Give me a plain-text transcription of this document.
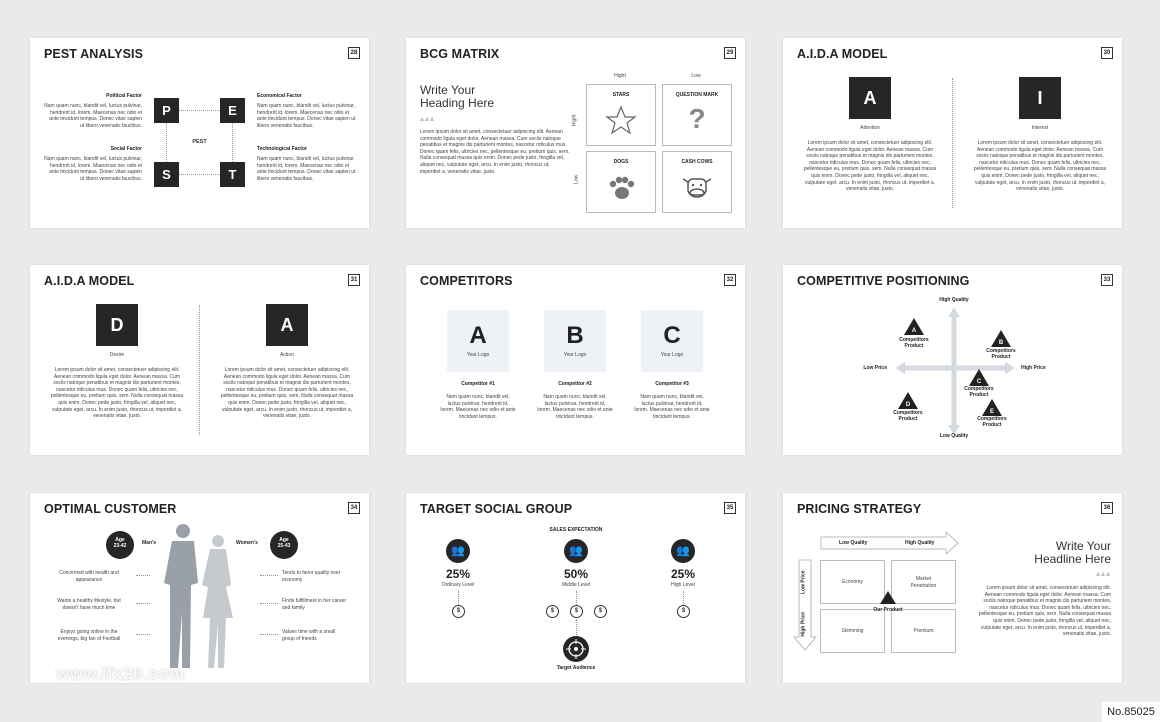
PEST ANALYSIS	28
Political Factor
Nam quam nunc, blandit vel, luctus pulvinar, hendrerit id, lorem. Maecenas nec odio et ante tincidunt tempus. Donec vitae sapien ut libero venenatis faucibus.
Social Factor
Nam quam nunc, blandit vel, luctus pulvinar, hendrerit id, lorem. Maecenas nec odio et ante tincidunt tempus. Donec vitae sapien ut libero venenatis faucibus.
Economical Factor
Nam quam nunc, blandit vel, luctus pulvinar, hendrerit id, lorem. Maecenas nec odio et ante tincidunt tempus. Donec vitae sapien ut libero venenatis faucibus.
Technological Factor
Nam quam nunc, blandit vel, luctus pulvinar, hendrerit id, lorem. Maecenas nec odio et ante tincidunt tempus. Donec vitae sapien ut libero venenatis faucibus.
P	E
S	T
PEST
BCG MATRIX	29
Write Your
Heading Here
▴▴▴
Lorem ipsum dolor sit amet, consectetuer adipiscing elit. Aenean commodo ligula eget dolor. Aenean massa. Cum sociis natoque penatibus et magnis dis parturient montes, nascetur ridiculus mus. Donec quam felis, ultricies nec, pellentesque eu, pretium quis, sem. Nulla consequat massa quis enim. Donec pede justo, fringilla vel, aliquet nec, vulputate eget, arcu. In enim justo, rhoncus ut, imperdiet a, venenatis vitae, justo.
Hight	Low
Hight
Low
STARS	QUESTION MARK
?
DOGS	CASH COWS
A.I.D.A MODEL	30
A
Attention
Lorem ipsum dolor sit amet, consectetuer adipiscing elit. Aenean commodo ligula eget dolor. Aenean massa. Cum sociis natoque penatibus et magnis dis parturient montes, nascetur ridiculus mus. Donec quam felis, ultricies nec, pellentesque eu, pretium quis, sem. Nulla consequat massa quis enim. Donec pede justo, fringilla vel, aliquet nec, vulputate eget, arcu. In enim justo, rhoncus ut, imperdiet a, venenatis vitae, justo.
I
Interest
Lorem ipsum dolor sit amet, consectetuer adipiscing elit. Aenean commodo ligula eget dolor. Aenean massa. Cum sociis natoque penatibus et magnis dis parturient montes, nascetur ridiculus mus. Donec quam felis, ultricies nec, pellentesque eu, pretium quis, sem. Nulla consequat massa quis enim. Donec pede justo, fringilla vel, aliquet nec, vulputate eget, arcu. In enim justo, rhoncus ut, imperdiet a, venenatis vitae, justo.
A.I.D.A MODEL	31
D
Desire
Lorem ipsum dolor sit amet, consectetuer adipiscing elit. Aenean commodo ligula eget dolor. Aenean massa. Cum sociis natoque penatibus et magnis dis parturient montes, nascetur ridiculus mus. Donec quam felis, ultricies nec, pellentesque eu, pretium quis, sem. Nulla consequat massa quis enim. Donec pede justo, fringilla vel, aliquet nec, vulputate eget, arcu. In enim justo, rhoncus ut, imperdiet a, venenatis vitae, justo.
A
Action
Lorem ipsum dolor sit amet, consectetuer adipiscing elit. Aenean commodo ligula eget dolor. Aenean massa. Cum sociis natoque penatibus et magnis dis parturient montes, nascetur ridiculus mus. Donec quam felis, ultricies nec, pellentesque eu, pretium quis, sem. Nulla consequat massa quis enim. Donec pede justo, fringilla vel, aliquet nec, vulputate eget, arcu. In enim justo, rhoncus ut, imperdiet a, venenatis vitae, justo.
COMPETITORS	32
A
Your Logo
B
Your Logo
C
Your Logo
Competitor #1
Nam quam nunc, blandit vel, luctus pulvinar, hendrerit id, lorem. Maecenas nec odio et ante tincidunt tempus.
Competitor #2
Nam quam nunc, blandit vel, luctus pulvinar, hendrerit id, lorem. Maecenas nec odio et ante tincidunt tempus.
Competitor #3
Nam quam nunc, blandit vel, luctus pulvinar, hendrerit id, lorem. Maecenas nec odio et ante tincidunt tempus.
COMPETITIVE POSITIONING	33
High Quality
Low Quality
Low Price	High Price
A
Competitors
Product	B
Competitors
Product
C
Competitors
Product
D
Competitors
Product
E
Competitors
Product
OPTIMAL CUSTOMER	34
Age
23-42	Man's	Age
25-43
Women's
Concerned with health and
appearance
Wants a healthy lifestyle, but
doesn't have much time
Enjoys going online in the
evenings, big fan of Football
Tends to favor quality over
economy
Finds fulfillment in her career
and family
Values time with a small
group of friends
TARGET SOCIAL GROUP	35
SALES EXPECTATION
👥
25%
Ordinary Level
$
👥
50%
Middle Level
$	$	$
👥
25%
High Level
$
Target Audience
PRICING STRATEGY	36
Low Quality	High Quality
Low Price
High Price
Economy	Market
Penetration
Skimming	Premium
Our Product
Write Your
Headline Here
▴▴▴
Lorem ipsum dolor sit amet, consectetuer adipiscing elit. Aenean commodo ligula eget dolor. Aenean massa. Cum sociis natoque penatibus et magnis dis parturient montes, nascetur ridiculus mus. Donec quam felis, ultricies nec, pellentesque eu, pretium quis, sem. Nulla consequat massa quis enim. Donec pede justo, fringilla vel, aliquet nec, vulputate eget, arcu. In enim justo, rhoncus ut, imperdiet a, venenatis vitae, justo.
www.lfx20.com
No.85025
